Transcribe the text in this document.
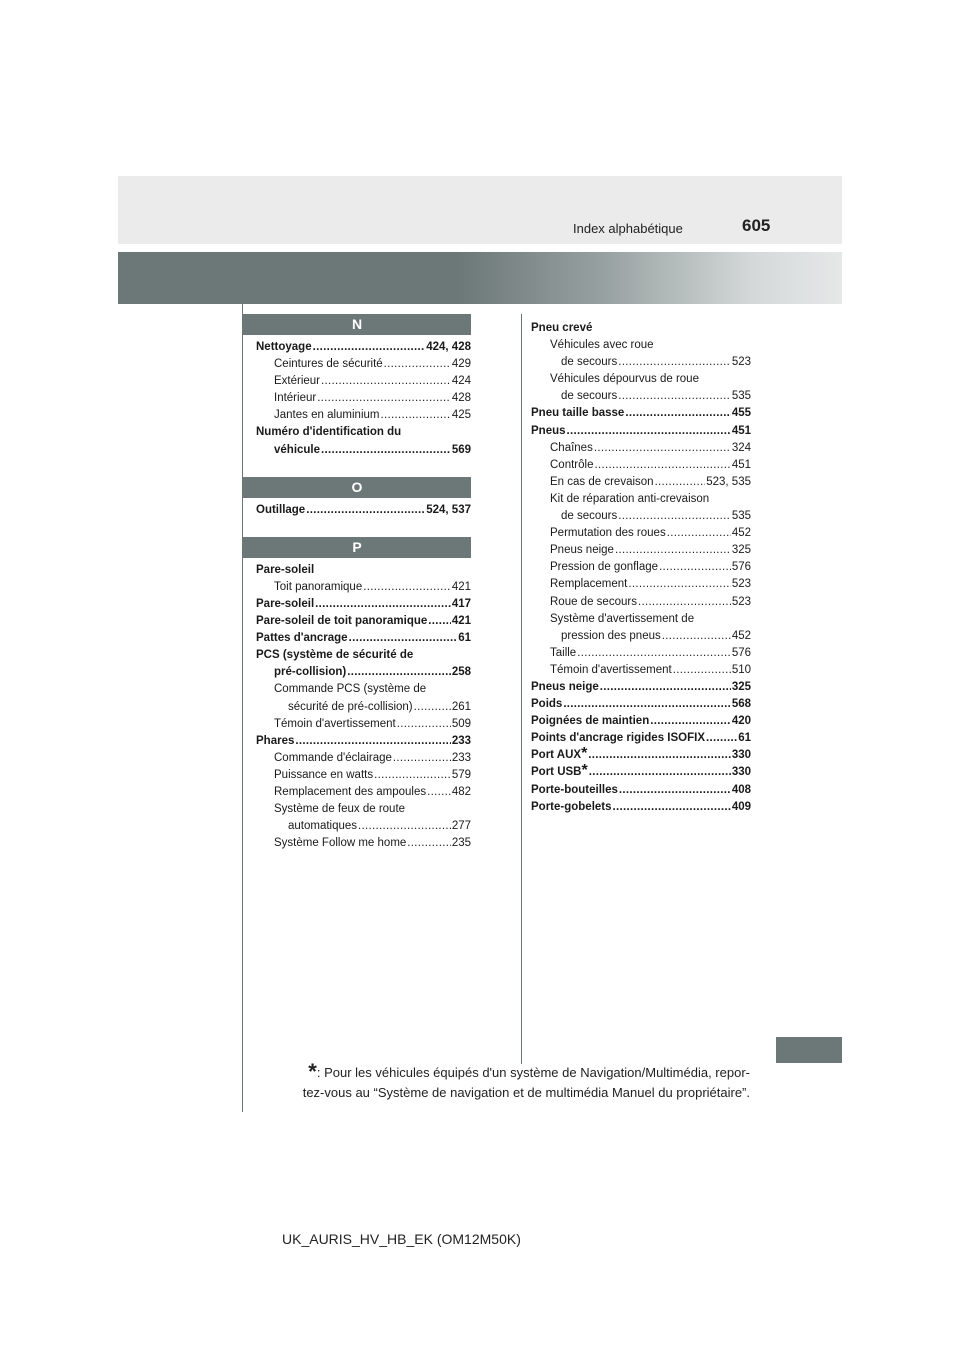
Index alphabétique	605
N
Nettoyage .....	424, 428
Ceintures de sécurité .....	429
Extérieur .....	424
Intérieur .....	428
Jantes en aluminium .....	425
Numéro d'identification du
véhicule .....	569
O
Outillage .....	524, 537
P
Pare-soleil
Toit panoramique .....	421
Pare-soleil .....	417
Pare-soleil de toit panoramique ..... 421
Pattes d'ancrage .....	61
PCS (système de sécurité de
pré-collision) .....	258
Commande PCS (système de
sécurité de pré-collision) .....	261
Témoin d'avertissement .....	509
Phares .....	233
Commande d'éclairage .....	233
Puissance en watts .....	579
Remplacement des ampoules ..... 482
Système de feux de route
automatiques .....	277
Système Follow me home .....	235
Pneu crevé
Véhicules avec roue
de secours .....	523
Véhicules dépourvus de roue
de secours .....	535
Pneu taille basse .....	455
Pneus .....	451
Chaînes .....	324
Contrôle .....	451
En cas de crevaison .....	523, 535
Kit de réparation anti-crevaison
de secours .....	535
Permutation des roues .....	452
Pneus neige .....	325
Pression de gonflage .....	576
Remplacement .....	523
Roue de secours .....	523
Système d'avertissement de
pression des pneus .....	452
Taille .....	576
Témoin d'avertissement .....	510
Pneus neige .....	325
Poids .....	568
Poignées de maintien .....	420
Points d'ancrage rigides ISOFIX .....	61
Port AUX * .....	330
Port USB * .....	330
Porte-bouteilles .....	408
Porte-gobelets .....	409
*: Pour les véhicules équipés d'un système de Navigation/Multimédia, repor-
tez-vous au “Système de navigation et de multimédia Manuel du propriétaire”.
UK_AURIS_HV_HB_EK (OM12M50K)
